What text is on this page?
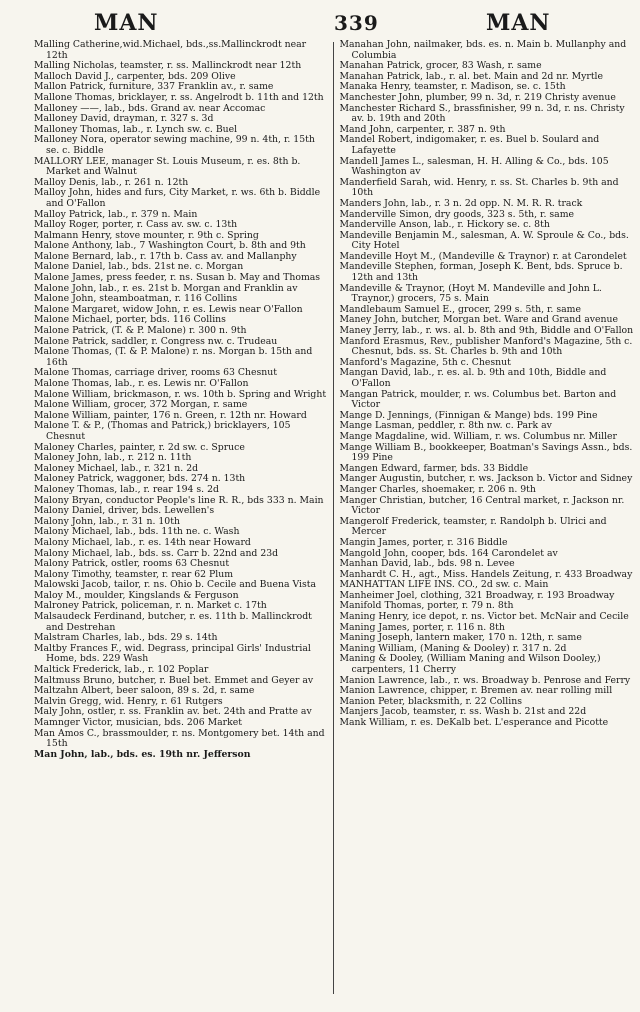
MAN	339	MAN

Malling Catherine,wid.Michael, bds.,ss.Mallinckrodt near 12th

Malling Nicholas, teamster, r. ss. Mallinckrodt near 12th

Malloch David J., carpenter, bds. 209 Olive

Mallon Patrick, furniture, 337 Franklin av., r. same

Mallone Thomas, bricklayer, r. ss. Angelrodt b. 11th and 12th

Malloney ——, lab., bds. Grand av. near Accomac

Malloney David, drayman, r. 327 s. 3d

Malloney Thomas, lab., r. Lynch sw. c. Buel

Malloney Nora, operator sewing machine, 99 n. 4th, r. 15th se. c. Biddle

MALLORY LEE, manager St. Louis Museum, r. es. 8th b. Market and Walnut

Malloy Denis, lab., r. 261 n. 12th

Malloy John, hides and furs, City Market, r. ws. 6th b. Biddle and O'Fallon

Malloy Patrick, lab., r. 379 n. Main

Malloy Roger, porter, r. Cass av. sw. c. 13th

Malmann Henry, stove mounter, r. 9th c. Spring

Malone Anthony, lab., 7 Washington Court, b. 8th and 9th

Malone Bernard, lab., r. 17th b. Cass av. and Mallanphy

Malone Daniel, lab., bds. 21st ne. c. Morgan

Malone James, press feeder, r. ns. Susan b. May and Thomas

Malone John, lab., r. es. 21st b. Morgan and Franklin av

Malone John, steamboatman, r. 116 Collins

Malone Margaret, widow John, r. es. Lewis near O'Fallon

Malone Michael, porter, bds. 116 Collins

Malone Patrick, (T. & P. Malone) r. 300 n. 9th

Malone Patrick, saddler, r. Congress nw. c. Trudeau

Malone Thomas, (T. & P. Malone) r. ns. Morgan b. 15th and 16th

Malone Thomas, carriage driver, rooms 63 Chesnut

Malone Thomas, lab., r. es. Lewis nr. O'Fallon

Malone William, brickmason, r. ws. 10th b. Spring and Wright

Malone William, grocer, 372 Morgan, r. same

Malone William, painter, 176 n. Green, r. 12th nr. Howard

Malone T. & P., (Thomas and Patrick,) bricklayers, 105 Chesnut

Maloney Charles, painter, r. 2d sw. c. Spruce

Maloney John, lab., r. 212 n. 11th

Maloney Michael, lab., r. 321 n. 2d

Maloney Patrick, waggoner, bds. 274 n. 13th

Maloney Thomas, lab., r. rear 194 s. 2d

Malony Bryan, conductor People's line R. R., bds 333 n. Main

Malony Daniel, driver, bds. Lewellen's

Malony John, lab., r. 31 n. 10th

Malony Michael, lab., bds. 11th ne. c. Wash

Malony Michael, lab., r. es. 14th near Howard

Malony Michael, lab., bds. ss. Carr b. 22nd and 23d

Malony Patrick, ostler, rooms 63 Chesnut

Malony Timothy, teamster, r. rear 62 Plum

Malowski Jacob, tailor, r. ns. Ohio b. Cecile and Buena Vista

Maloy M., moulder, Kingslands & Ferguson

Malroney Patrick, policeman, r. n. Market c. 17th

Malsaudeck Ferdinand, butcher, r. es. 11th b. Mallinckrodt and Destrehan

Malstram Charles, lab., bds. 29 s. 14th

Maltby Frances F., wid. Degrass, principal Girls' Industrial Home, bds. 229 Wash

Maltick Frederick, lab., r. 102 Poplar

Maltmuss Bruno, butcher, r. Buel bet. Emmet and Geyer av

Maltzahn Albert, beer saloon, 89 s. 2d, r. same

Malvin Gregg, wid. Henry, r. 61 Rutgers

Maly John, ostler, r. ss. Franklin av. bet. 24th and Pratte av

Mamnger Victor, musician, bds. 206 Market

Man Amos C., brassmoulder, r. ns. Montgomery bet. 14th and 15th

Man John, lab., bds. es. 19th nr. Jefferson

Manahan John, nailmaker, bds. es. n. Main b. Mullanphy and Columbia

Manahan Patrick, grocer, 83 Wash, r. same

Manahan Patrick, lab., r. al. bet. Main and 2d nr. Myrtle

Manaka Henry, teamster, r. Madison, se. c. 15th

Manchester John, plumber, 99 n. 3d, r. 219 Christy avenue

Manchester Richard S., brassfinisher, 99 n. 3d, r. ns. Christy av. b. 19th and 20th

Mand John, carpenter, r. 387 n. 9th

Mandel Robert, indigomaker, r. es. Buel b. Soulard and Lafayette

Mandell James L., salesman, H. H. Alling & Co., bds. 105 Washington av

Manderfield Sarah, wid. Henry, r. ss. St. Charles b. 9th and 10th

Manders John, lab., r. 3 n. 2d opp. N. M. R. R. track

Manderville Simon, dry goods, 323 s. 5th, r. same

Manderville Anson, lab., r. Hickory se. c. 8th

Mandeville Benjamin M., salesman, A. W. Sproule & Co., bds. City Hotel

Mandeville Hoyt M., (Mandeville & Traynor) r. at Carondelet

Mandeville Stephen, forman, Joseph K. Bent, bds. Spruce b. 12th and 13th

Mandeville & Traynor, (Hoyt M. Mandeville and John L. Traynor,) grocers, 75 s. Main

Mandlebaum Samuel E., grocer, 299 s. 5th, r. same

Maney John, butcher, Morgan bet. Ware and Grand avenue

Maney Jerry, lab., r. ws. al. b. 8th and 9th, Biddle and O'Fallon

Manford Erasmus, Rev., publisher Manford's Magazine, 5th c. Chesnut, bds. ss. St. Charles b. 9th and 10th

Manford's Magazine, 5th c. Chesnut

Mangan David, lab., r. es. al. b. 9th and 10th, Biddle and O'Fallon

Mangan Patrick, moulder, r. ws. Columbus bet. Barton and Victor

Mange D. Jennings, (Finnigan & Mange) bds. 199 Pine

Mange Lasman, peddler, r. 8th nw. c. Park av

Mange Magdaline, wid. William, r. ws. Columbus nr. Miller

Mange William B., bookkeeper, Boatman's Savings Assn., bds. 199 Pine

Mangen Edward, farmer, bds. 33 Biddle

Manger Augustin, butcher, r. ws. Jackson b. Victor and Sidney

Manger Charles, shoemaker, r. 206 n. 9th

Manger Christian, butcher, 16 Central market, r. Jackson nr. Victor

Mangerolf Frederick, teamster, r. Randolph b. Ulrici and Mercer

Mangin James, porter, r. 316 Biddle

Mangold John, cooper, bds. 164 Carondelet av

Manhan David, lab., bds. 98 n. Levee

Manhardt C. H., agt., Miss. Handels Zeitung, r. 433 Broadway

MANHATTAN LIFE INS. CO., 2d sw. c. Main

Manheimer Joel, clothing, 321 Broadway, r. 193 Broadway

Manifold Thomas, porter, r. 79 n. 8th

Maning Henry, ice depot, r. ns. Victor bet. McNair and Cecile

Maning James, porter, r. 116 n. 8th

Maning Joseph, lantern maker, 170 n. 12th, r. same

Maning William, (Maning & Dooley) r. 317 n. 2d

Maning & Dooley, (William Maning and Wilson Dooley,) carpenters, 11 Cherry

Manion Lawrence, lab., r. ws. Broadway b. Penrose and Ferry

Manion Lawrence, chipper, r. Bremen av. near rolling mill

Manion Peter, blacksmith, r. 22 Collins

Manjers Jacob, teamster, r. ss. Wash b. 21st and 22d

Mank William, r. es. DeKalb bet. L'esperance and Picotte
